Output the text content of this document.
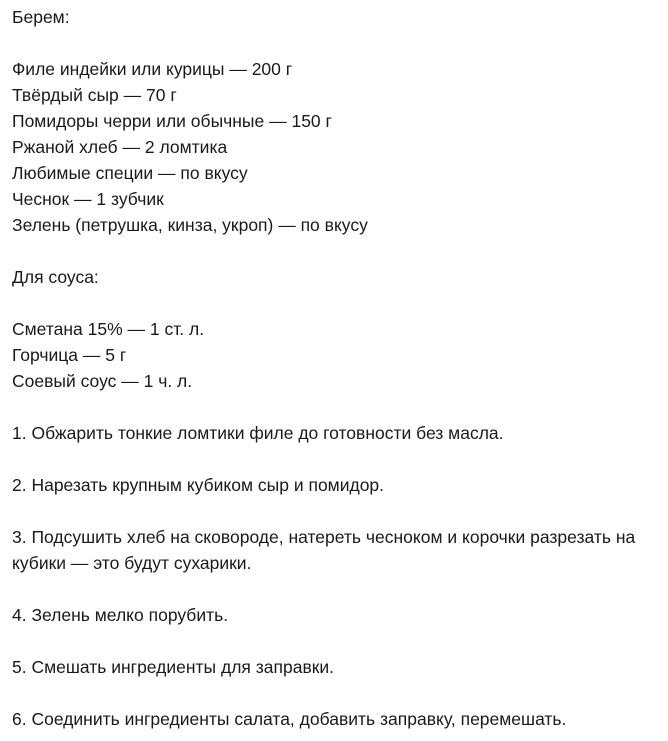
Берем:

Филе индейки или курицы — 200 г

Твёрдый сыр — 70 г

Помидоры черри или обычные — 150 г

Ржаной хлеб — 2 ломтика

Любимые специи — по вкусу

Чеснок — 1 зубчик

Зелень (петрушка, кинза, укроп) — по вкусу

Для соуса:

Сметана 15% — 1 ст. л.

Горчица — 5 г

Соевый соус — 1 ч. л.

1. Обжарить тонкие ломтики филе до готовности без масла.

2. Нарезать крупным кубиком сыр и помидор.

3. Подсушить хлеб на сковороде, натереть чесноком и корочки разрезать на кубики — это будут сухарики.

4. Зелень мелко порубить.

5. Смешать ингредиенты для заправки.

6. Соединить ингредиенты салата, добавить заправку, перемешать.
